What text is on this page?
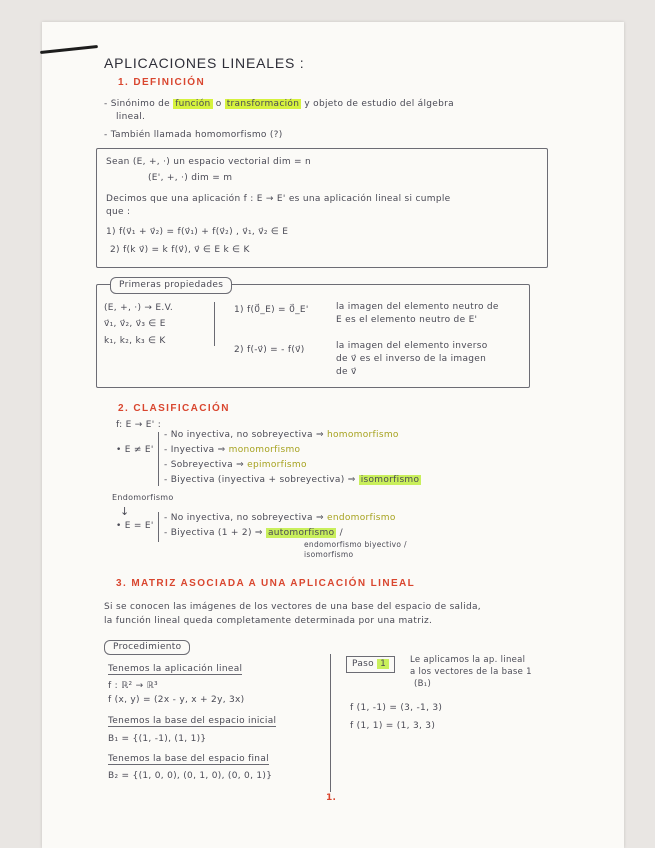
APLICACIONES LINEALES :
1. DEFINICIÓN
- Sinónimo de función o transformación y objeto de estudio del álgebra
lineal.
- También llamada homomorfismo (?)
Sean (E, +, ·) un espacio vectorial dim = n
(E', +, ·) dim = m
Decimos que una aplicación f : E → E' es una aplicación lineal si cumple
que :
1) f(v⃗₁ + v⃗₂) = f(v⃗₁) + f(v⃗₂) , v⃗₁, v⃗₂ ∈ E
2) f(k v⃗) = k f(v⃗), v⃗ ∈ E k ∈ K
Primeras propiedades
(E, +, ·) → E.V.
v⃗₁, v⃗₂, v⃗₃ ∈ E
k₁, k₂, k₃ ∈ K
1) f(0⃗_E) = 0⃗_E'	la imagen del elemento neutro de
E es el elemento neutro de E'
2) f(-v⃗) = - f(v⃗)	la imagen del elemento inverso
de v⃗ es el inverso de la imagen
de v⃗
2. CLASIFICACIÓN
f: E → E' :
• E ≠ E'
- No inyectiva, no sobreyectiva ⇒ homomorfismo
- Inyectiva ⇒ monomorfismo
- Sobreyectiva ⇒ epimorfismo
- Biyectiva (inyectiva + sobreyectiva) ⇒ isomorfismo
Endomorfismo
↓
• E = E'
- No inyectiva, no sobreyectiva ⇒ endomorfismo
- Biyectiva (1 + 2) ⇒ automorfismo /
endomorfismo biyectivo /
isomorfismo
3. MATRIZ ASOCIADA A UNA APLICACIÓN LINEAL
Si se conocen las imágenes de los vectores de una base del espacio de salida,
la función lineal queda completamente determinada por una matriz.
Procedimiento
Tenemos la aplicación lineal
f : ℝ² → ℝ³
f (x, y) = (2x - y, x + 2y, 3x)
Tenemos la base del espacio inicial
B₁ = {(1, -1), (1, 1)}
Tenemos la base del espacio final
B₂ = {(1, 0, 0), (0, 1, 0), (0, 0, 1)}
Paso 1	Le aplicamos la ap. lineal
a los vectores de la base 1
(B₁)
f (1, -1) = (3, -1, 3)
f (1, 1) = (1, 3, 3)
1.
